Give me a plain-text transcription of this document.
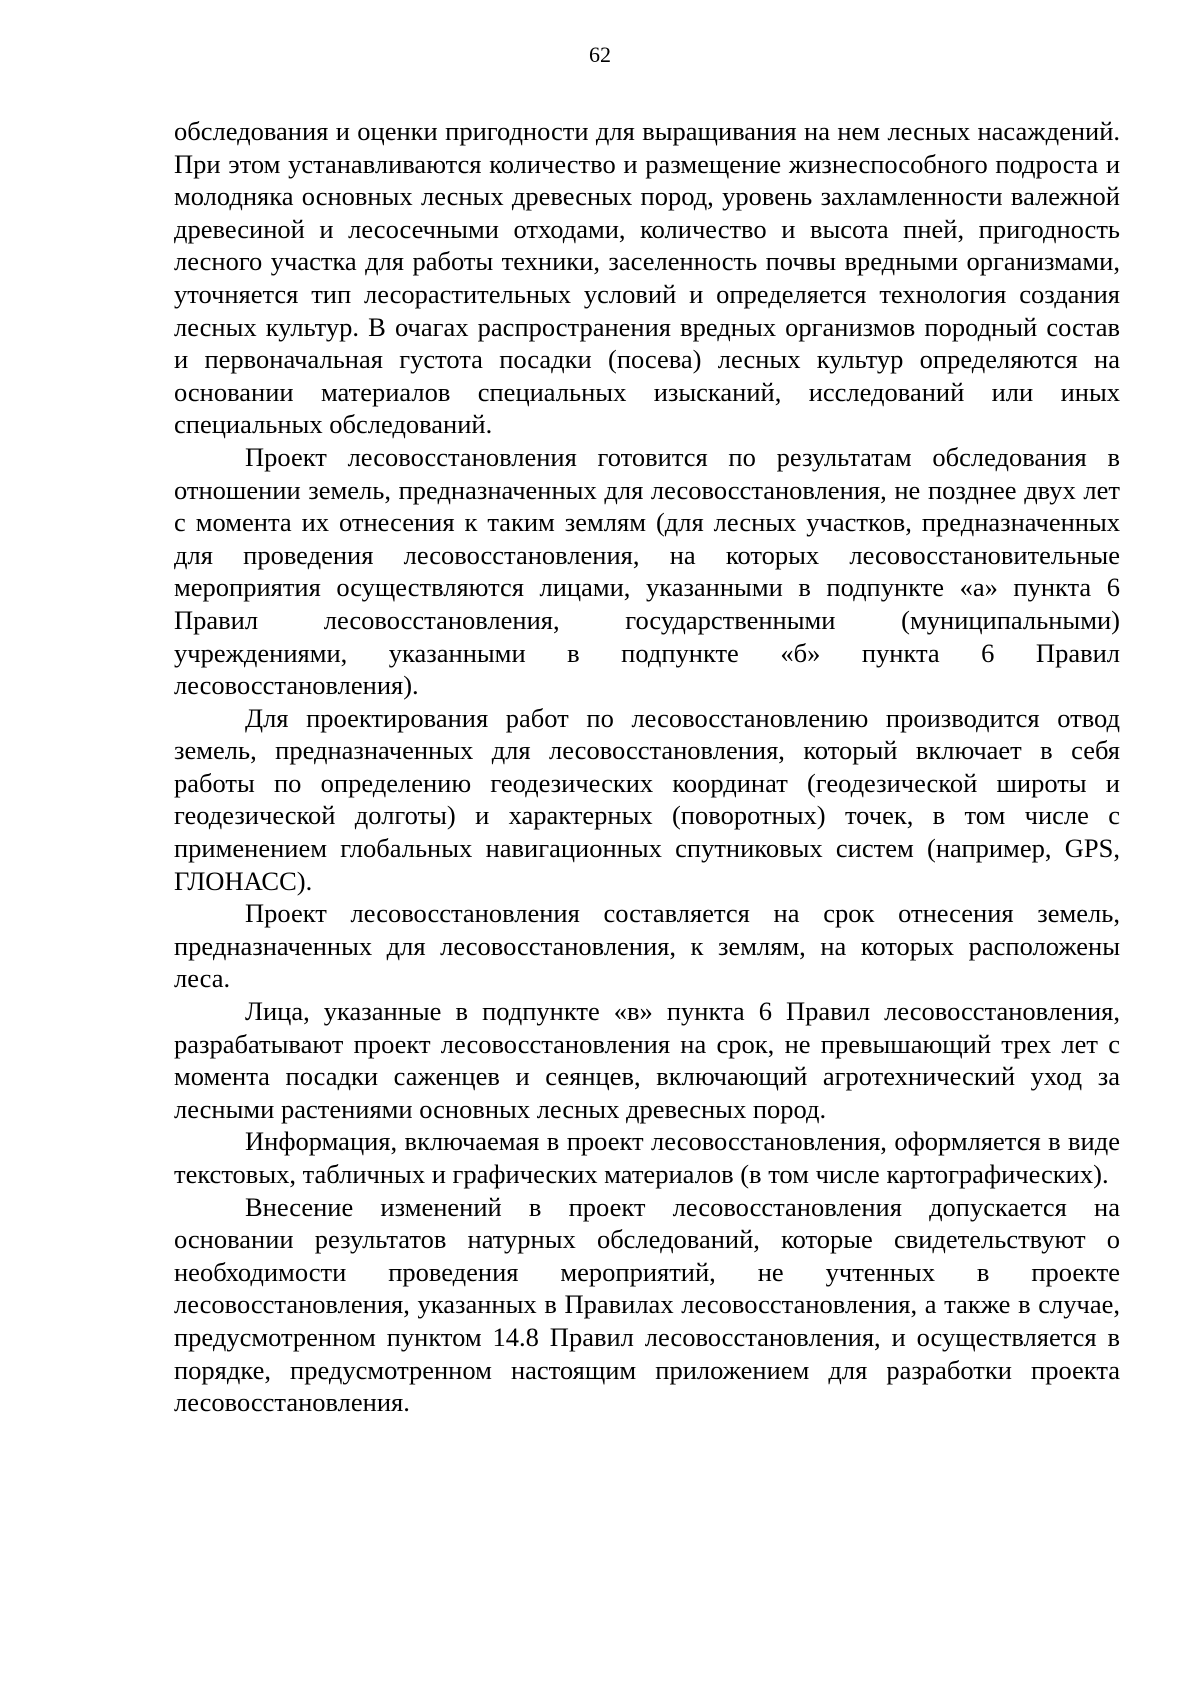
62

обследования и оценки пригодности для выращивания на нем лесных насаждений. При этом устанавливаются количество и размещение жизнеспособного подроста и молодняка основных лесных древесных пород, уровень захламленности валежной древесиной и лесосечными отходами, количество и высота пней, пригодность лесного участка для работы техники, заселенность почвы вредными организмами, уточняется тип лесорастительных условий и определяется технология создания лесных культур. В очагах распространения вредных организмов породный состав и первоначальная густота посадки (посева) лесных культур определяются на основании материалов специальных изысканий, исследований или иных специальных обследований.

Проект лесовосстановления готовится по результатам обследования в отношении земель, предназначенных для лесовосстановления, не позднее двух лет с момента их отнесения к таким землям (для лесных участков, предназначенных для проведения лесовосстановления, на которых лесовосстановительные мероприятия осуществляются лицами, указанными в подпункте «а» пункта 6 Правил лесовосстановления, государственными (муниципальными) учреждениями, указанными в подпункте «б» пункта 6 Правил лесовосстановления).

Для проектирования работ по лесовосстановлению производится отвод земель, предназначенных для лесовосстановления, который включает в себя работы по определению геодезических координат (геодезической широты и геодезической долготы) и характерных (поворотных) точек, в том числе с применением глобальных навигационных спутниковых систем (например, GPS, ГЛОНАСС).

Проект лесовосстановления составляется на срок отнесения земель, предназначенных для лесовосстановления, к землям, на которых расположены леса.

Лица, указанные в подпункте «в» пункта 6 Правил лесовосстановления, разрабатывают проект лесовосстановления на срок, не превышающий трех лет с момента посадки саженцев и сеянцев, включающий агротехнический уход за лесными растениями основных лесных древесных пород.

Информация, включаемая в проект лесовосстановления, оформляется в виде текстовых, табличных и графических материалов (в том числе картографических).

Внесение изменений в проект лесовосстановления допускается на основании результатов натурных обследований, которые свидетельствуют о необходимости проведения мероприятий, не учтенных в проекте лесовосстановления, указанных в Правилах лесовосстановления, а также в случае, предусмотренном пунктом 14.8 Правил лесовосстановления, и осуществляется в порядке, предусмотренном настоящим приложением для разработки проекта лесовосстановления.
